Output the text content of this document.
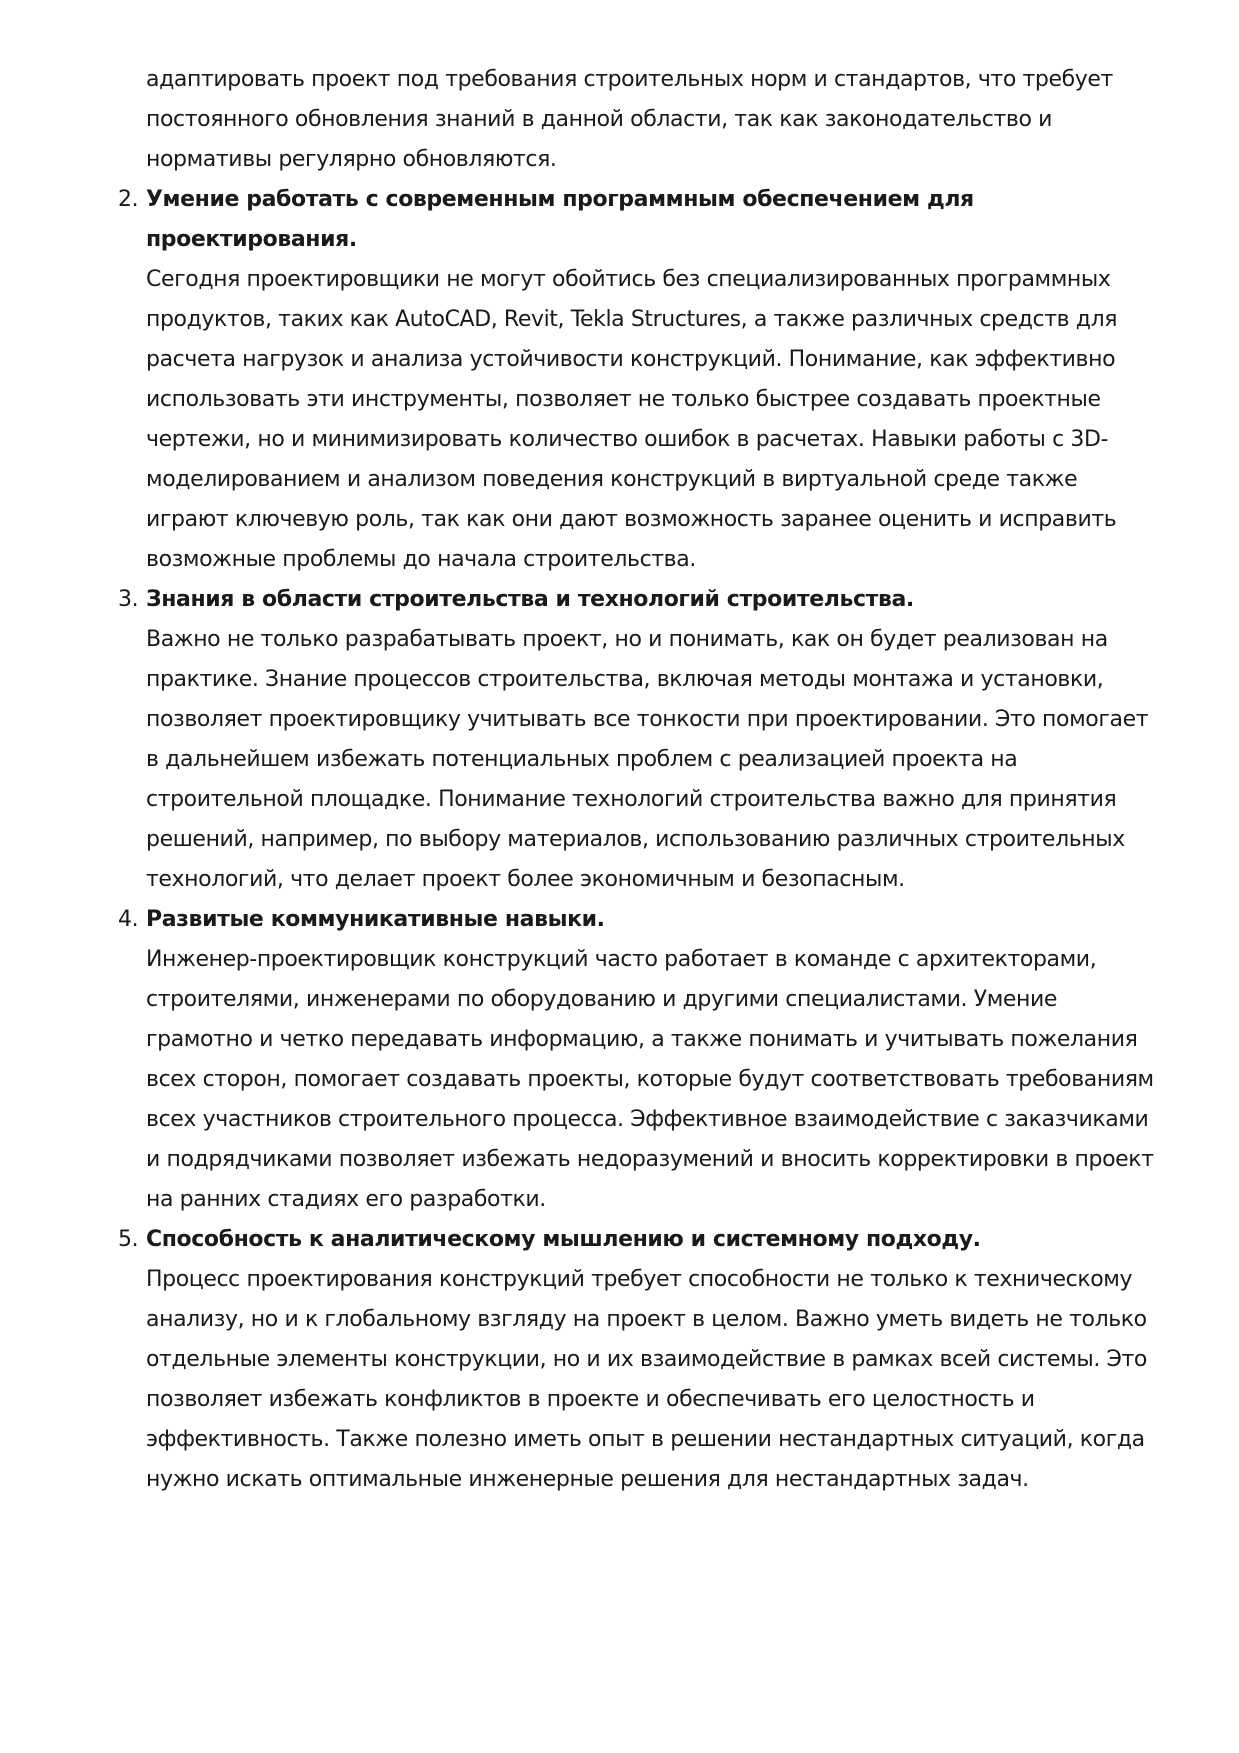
адаптировать проект под требования строительных норм и стандартов, что требует постоянного обновления знаний в данной области, так как законодательство и нормативы регулярно обновляются.

2. Умение работать с современным программным обеспечением для проектирования.
Сегодня проектировщики не могут обойтись без специализированных программных продуктов, таких как AutoCAD, Revit, Tekla Structures, а также различных средств для расчета нагрузок и анализа устойчивости конструкций. Понимание, как эффективно использовать эти инструменты, позволяет не только быстрее создавать проектные чертежи, но и минимизировать количество ошибок в расчетах. Навыки работы с 3D-моделированием и анализом поведения конструкций в виртуальной среде также играют ключевую роль, так как они дают возможность заранее оценить и исправить возможные проблемы до начала строительства.
3. Знания в области строительства и технологий строительства.
Важно не только разрабатывать проект, но и понимать, как он будет реализован на практике. Знание процессов строительства, включая методы монтажа и установки, позволяет проектировщику учитывать все тонкости при проектировании. Это помогает в дальнейшем избежать потенциальных проблем с реализацией проекта на строительной площадке. Понимание технологий строительства важно для принятия решений, например, по выбору материалов, использованию различных строительных технологий, что делает проект более экономичным и безопасным.
4. Развитые коммуникативные навыки.
Инженер-проектировщик конструкций часто работает в команде с архитекторами, строителями, инженерами по оборудованию и другими специалистами. Умение грамотно и четко передавать информацию, а также понимать и учитывать пожелания всех сторон, помогает создавать проекты, которые будут соответствовать требованиям всех участников строительного процесса. Эффективное взаимодействие с заказчиками и подрядчиками позволяет избежать недоразумений и вносить корректировки в проект на ранних стадиях его разработки.
5. Способность к аналитическому мышлению и системному подходу.
Процесс проектирования конструкций требует способности не только к техническому анализу, но и к глобальному взгляду на проект в целом. Важно уметь видеть не только отдельные элементы конструкции, но и их взаимодействие в рамках всей системы. Это позволяет избежать конфликтов в проекте и обеспечивать его целостность и эффективность. Также полезно иметь опыт в решении нестандартных ситуаций, когда нужно искать оптимальные инженерные решения для нестандартных задач.
